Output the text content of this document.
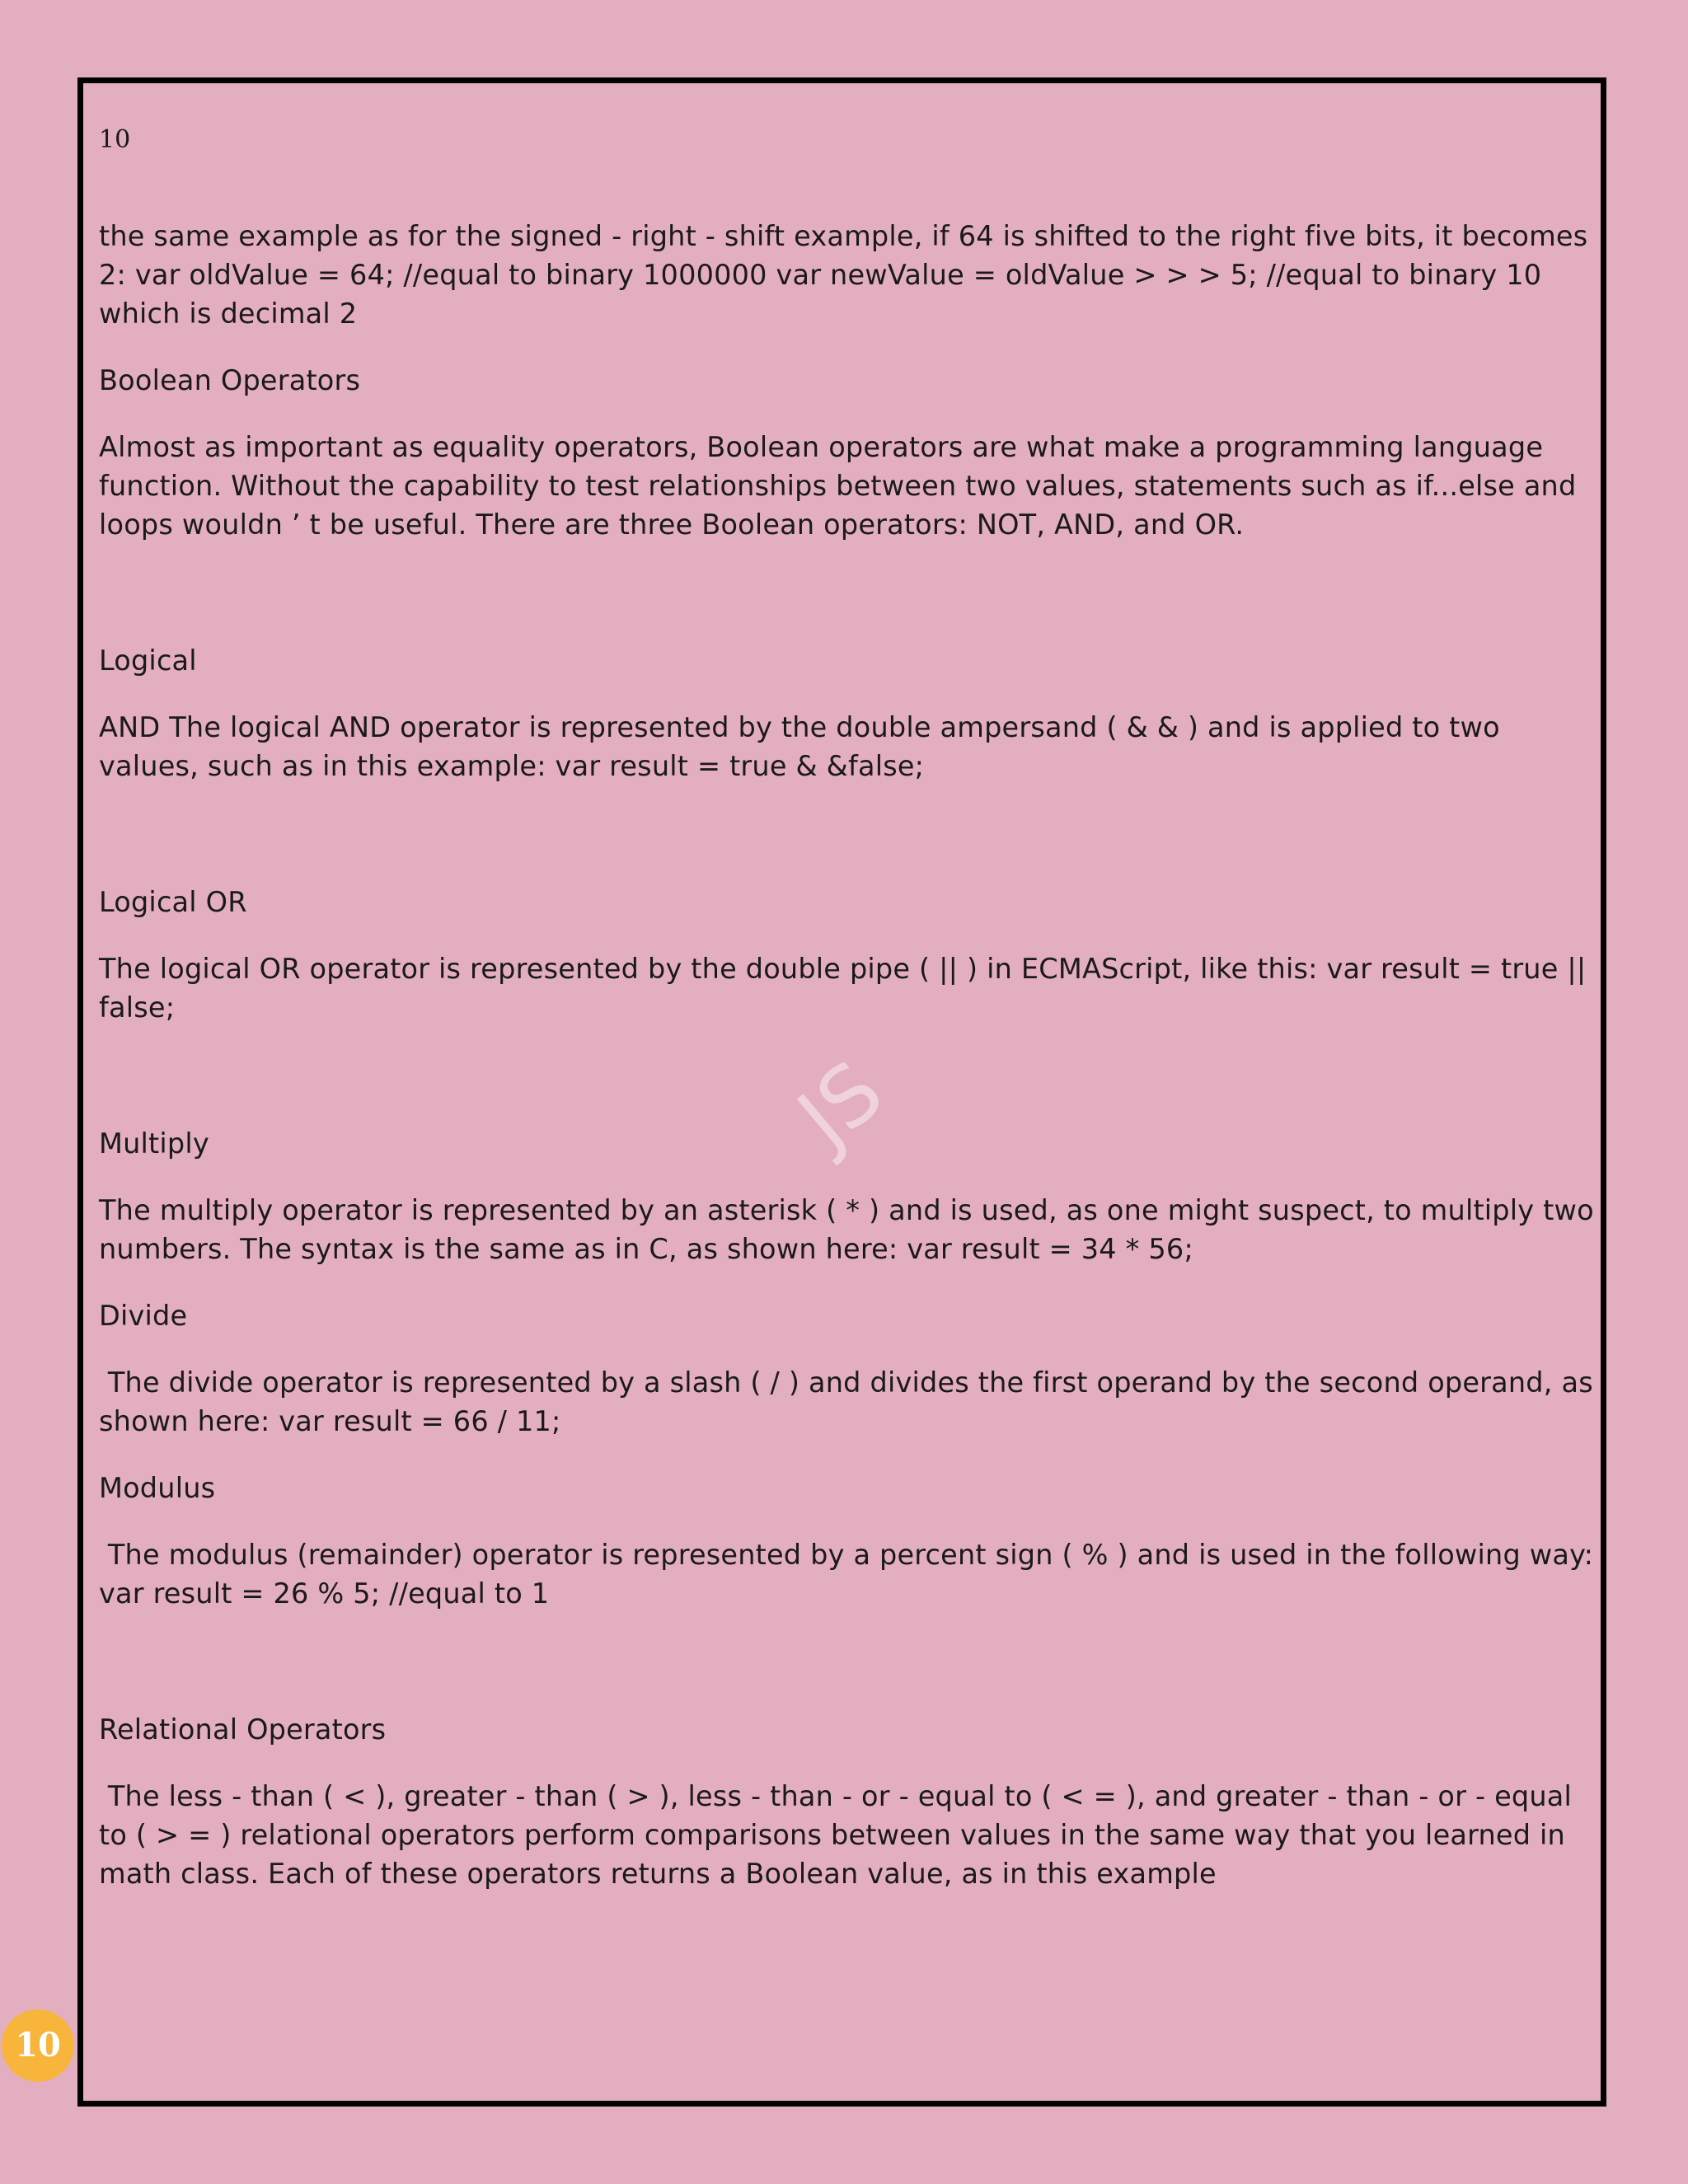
10
JS

the same example as for the signed - right - shift example, if 64 is shifted to the right five bits, it becomes 2: var oldValue = 64; //equal to binary 1000000 var newValue = oldValue > > > 5; //equal to binary 10 which is decimal 2

Boolean Operators

Almost as important as equality operators, Boolean operators are what make a programming language function. Without the capability to test relationships between two values, statements such as if...else and loops wouldn ’ t be useful. There are three Boolean operators: NOT, AND, and OR.

Logical

AND The logical AND operator is represented by the double ampersand ( & & ) and is applied to two values, such as in this example: var result = true & &false;

Logical OR

The logical OR operator is represented by the double pipe ( || ) in ECMAScript, like this: var result = true || false;

Multiply

The multiply operator is represented by an asterisk ( * ) and is used, as one might suspect, to multiply two numbers. The syntax is the same as in C, as shown here: var result = 34 * 56;

Divide

The divide operator is represented by a slash ( / ) and divides the first operand by the second operand, as shown here: var result = 66 / 11;

Modulus

The modulus (remainder) operator is represented by a percent sign ( % ) and is used in the following way: var result = 26 % 5; //equal to 1

Relational Operators

The less - than ( < ), greater - than ( > ), less - than - or - equal to ( < = ), and greater - than - or - equal to ( > = ) relational operators perform comparisons between values in the same way that you learned in math class. Each of these operators returns a Boolean value, as in this example

10
